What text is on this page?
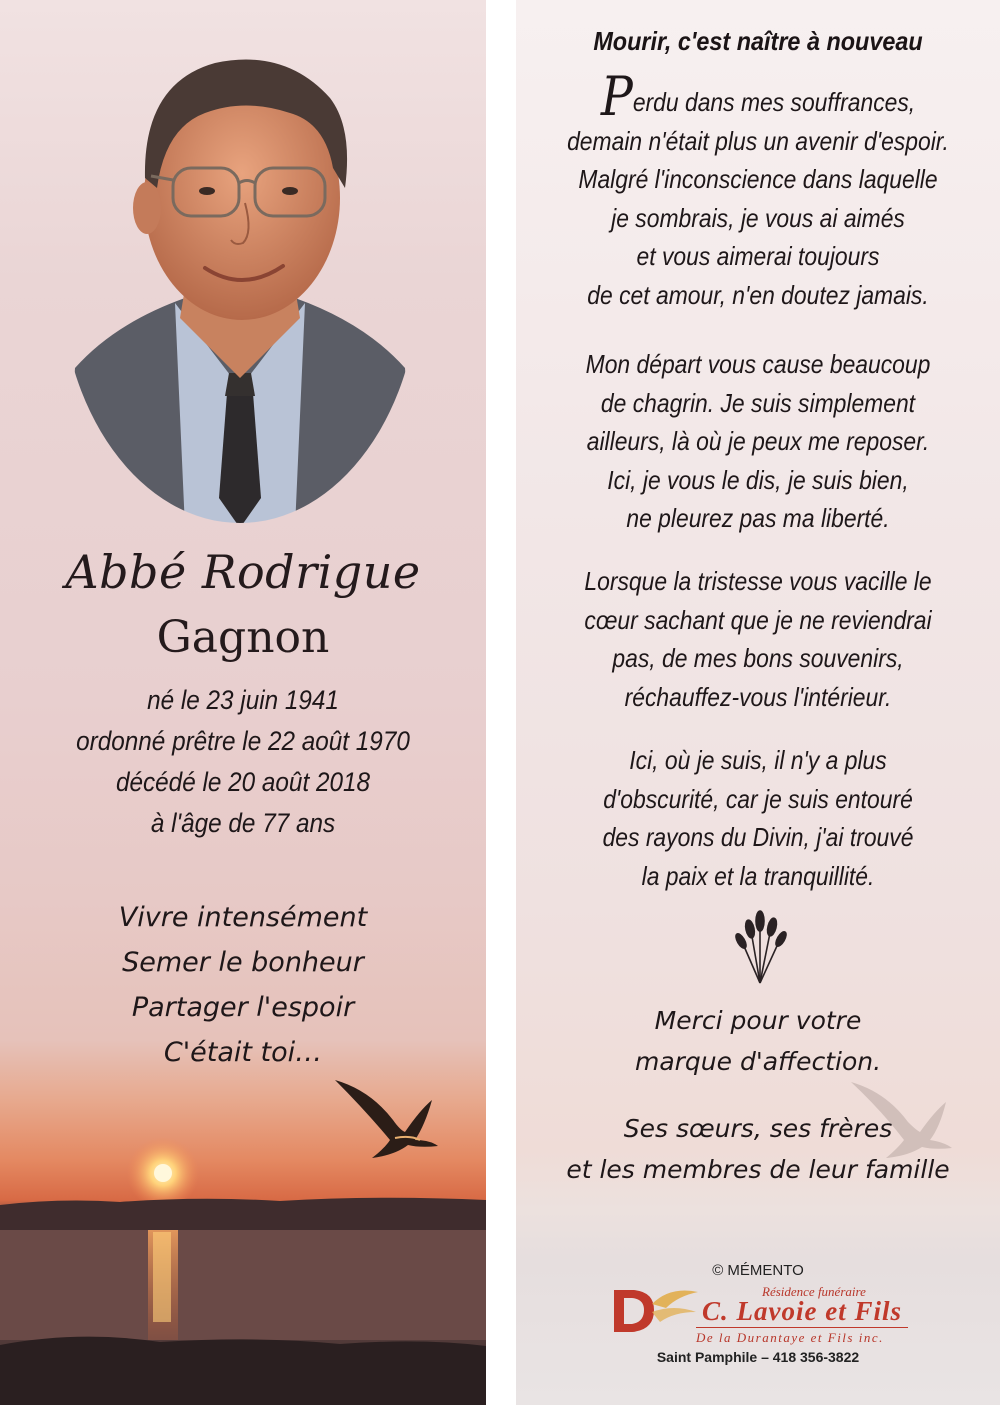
Abbé Rodrigue
Gagnon
né le 23 juin 1941
ordonné prêtre le 22 août 1970
décédé le 20 août 2018
à l'âge de 77 ans
Vivre intensément
Semer le bonheur
Partager l'espoir
C'était toi…
Mourir, c'est naître à nouveau
Perdu dans mes souffrances,
demain n'était plus un avenir d'espoir.
Malgré l'inconscience dans laquelle
je sombrais, je vous ai aimés
et vous aimerai toujours
de cet amour, n'en doutez jamais.
Mon départ vous cause beaucoup
de chagrin. Je suis simplement
ailleurs, là où je peux me reposer.
Ici, je vous le dis, je suis bien,
ne pleurez pas ma liberté.
Lorsque la tristesse vous vacille le
cœur sachant que je ne reviendrai
pas, de mes bons souvenirs,
réchauffez-vous l'intérieur.
Ici, où je suis, il n'y a plus
d'obscurité, car je suis entouré
des rayons du Divin, j'ai trouvé
la paix et la tranquillité.
Merci pour votre
marque d'affection.
Ses sœurs, ses frères
et les membres de leur famille
© MÉMENTO
Résidence funéraire
C. Lavoie et Fils
De la Durantaye et Fils inc.
Saint Pamphile – 418 356-3822
